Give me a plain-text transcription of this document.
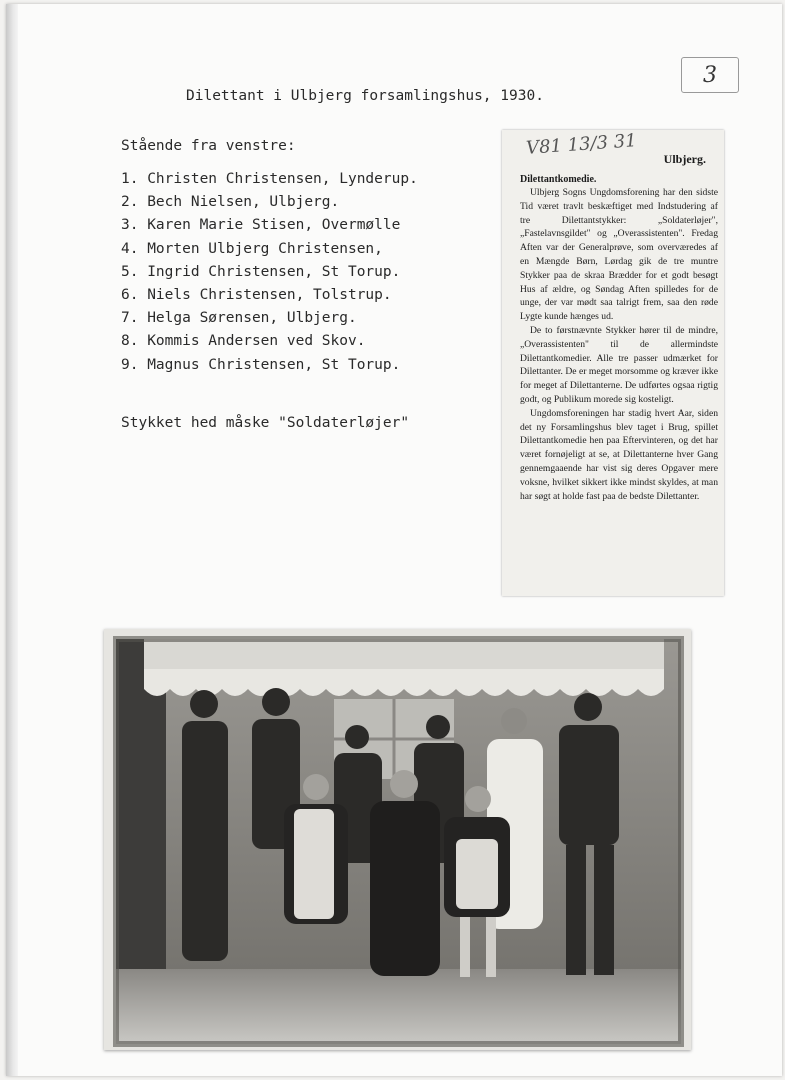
3
Dilettant i Ulbjerg forsamlingshus, 1930.
Stående fra venstre:
1. Christen Christensen, Lynderup.
2. Bech Nielsen, Ulbjerg.
3. Karen Marie Stisen, Overmølle
4. Morten Ulbjerg Christensen,
5. Ingrid Christensen, St Torup.
6. Niels Christensen, Tolstrup.
7. Helga Sørensen, Ulbjerg.
8. Kommis Andersen ved Skov.
9. Magnus Christensen, St Torup.
Stykket hed måske "Soldaterløjer"
V81 13/3 31
Ulbjerg.
Dilettantkomedie.

Ulbjerg Sogns Ungdomsforening har den sidste Tid været travlt beskæftiget med Indstudering af tre Dilettantstykker: „Soldaterløjer", „Fastelavnsgildet" og „Overassistenten". Fredag Aften var der Generalprøve, som overværedes af en Mængde Børn, Lørdag gik de tre muntre Stykker paa de skraa Brædder for et godt besøgt Hus af ældre, og Søndag Aften spilledes for de unge, der var mødt saa talrigt frem, saa den røde Lygte kunde hænges ud.

De to førstnævnte Stykker hører til de mindre, „Overassistenten" til de allermindste Dilettantkomedier. Alle tre passer udmærket for Dilettanter. De er meget morsomme og kræver ikke for meget af Dilettanterne. De udførtes ogsaa rigtig godt, og Publikum morede sig kosteligt.

Ungdomsforeningen har stadig hvert Aar, siden det ny Forsamlingshus blev taget i Brug, spillet Dilettantkomedie hen paa Eftervinteren, og det har været fornøjeligt at se, at Dilettanterne hver Gang gennemgaaende har vist sig deres Opgaver mere voksne, hvilket sikkert ikke mindst skyldes, at man har søgt at holde fast paa de bedste Dilettanter.
